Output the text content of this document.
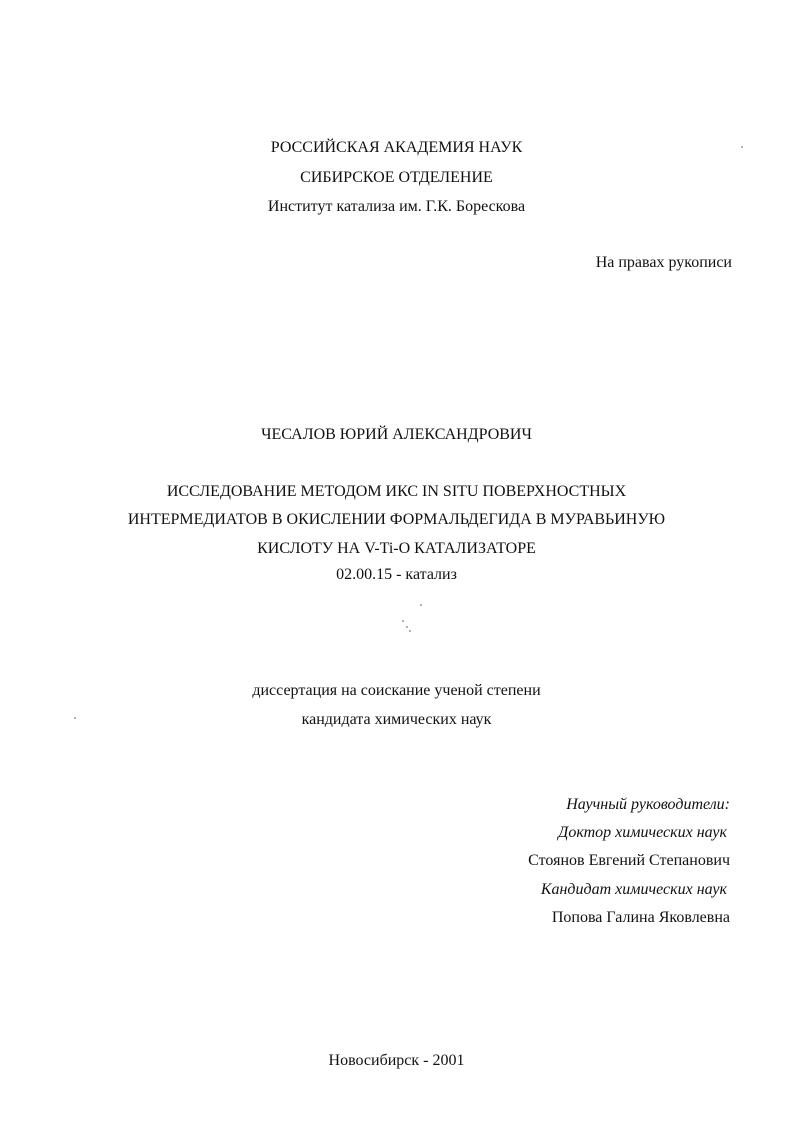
РОССИЙСКАЯ АКАДЕМИЯ НАУК
СИБИРСКОЕ ОТДЕЛЕНИЕ
Институт катализа им. Г.К. Борескова
На правах рукописи
ЧЕСАЛОВ ЮРИЙ АЛЕКСАНДРОВИЧ
ИССЛЕДОВАНИЕ МЕТОДОМ ИКС IN SITU ПОВЕРХНОСТНЫХ
ИНТЕРМЕДИАТОВ В ОКИСЛЕНИИ ФОРМАЛЬДЕГИДА В МУРАВЬИНУЮ
КИСЛОТУ НА V-Ti-O КАТАЛИЗАТОРЕ
02.00.15 - катализ
диссертация на соискание ученой степени
кандидата химических наук
Научный руководители:
Доктор химических наук
Стоянов Евгений Степанович
Кандидат химических наук
Попова Галина Яковлевна
Новосибирск - 2001
